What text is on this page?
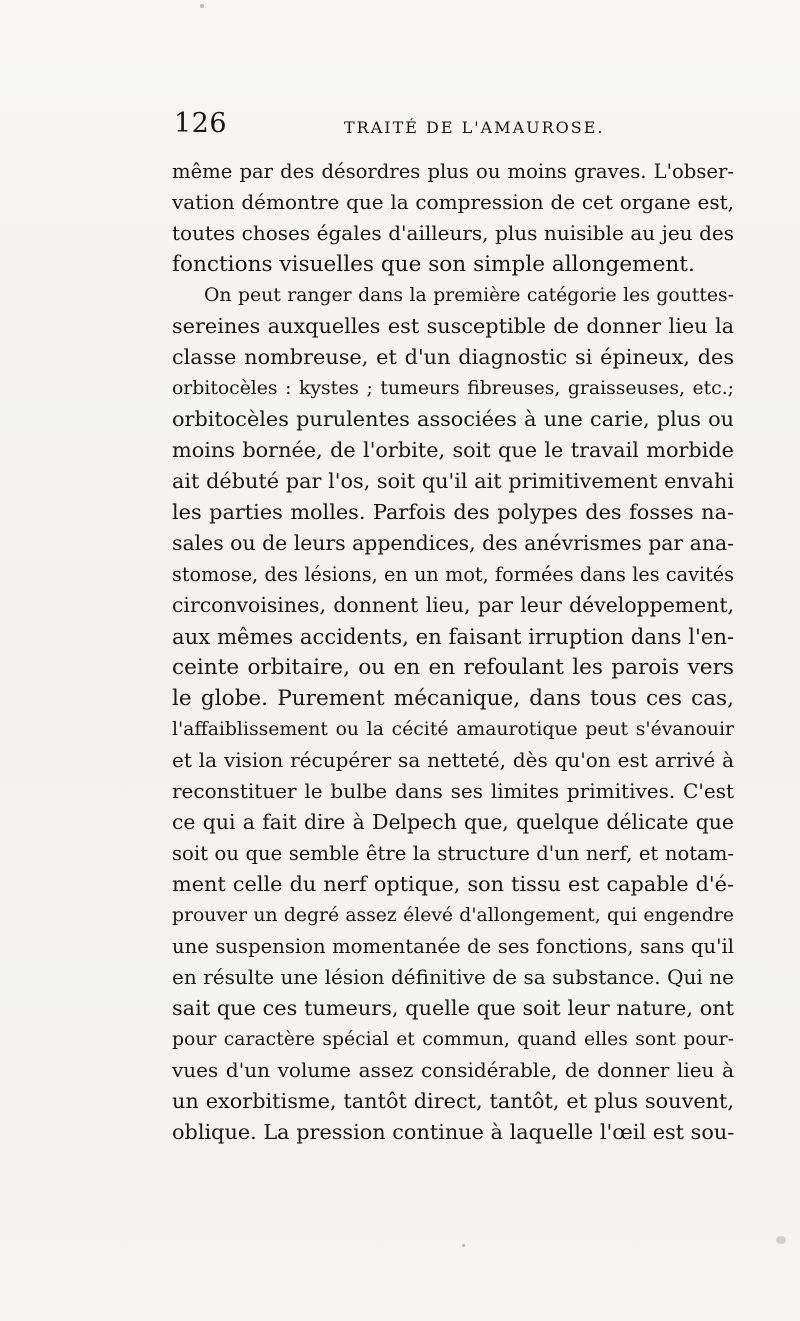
126	TRAITÉ DE L'AMAUROSE.
même par des désordres plus ou moins graves. L'obser-
vation démontre que la compression de cet organe est,
toutes choses égales d'ailleurs, plus nuisible au jeu des
fonctions visuelles que son simple allongement.
On peut ranger dans la première catégorie les gouttes-
sereines auxquelles est susceptible de donner lieu la
classe nombreuse, et d'un diagnostic si épineux, des
orbitocèles : kystes ; tumeurs fibreuses, graisseuses, etc.;
orbitocèles purulentes associées à une carie, plus ou
moins bornée, de l'orbite, soit que le travail morbide
ait débuté par l'os, soit qu'il ait primitivement envahi
les parties molles. Parfois des polypes des fosses na-
sales ou de leurs appendices, des anévrismes par ana-
stomose, des lésions, en un mot, formées dans les cavités
circonvoisines, donnent lieu, par leur développement,
aux mêmes accidents, en faisant irruption dans l'en-
ceinte orbitaire, ou en en refoulant les parois vers
le globe. Purement mécanique, dans tous ces cas,
l'affaiblissement ou la cécité amaurotique peut s'évanouir
et la vision récupérer sa netteté, dès qu'on est arrivé à
reconstituer le bulbe dans ses limites primitives. C'est
ce qui a fait dire à Delpech que, quelque délicate que
soit ou que semble être la structure d'un nerf, et notam-
ment celle du nerf optique, son tissu est capable d'é-
prouver un degré assez élevé d'allongement, qui engendre
une suspension momentanée de ses fonctions, sans qu'il
en résulte une lésion définitive de sa substance. Qui ne
sait que ces tumeurs, quelle que soit leur nature, ont
pour caractère spécial et commun, quand elles sont pour-
vues d'un volume assez considérable, de donner lieu à
un exorbitisme, tantôt direct, tantôt, et plus souvent,
oblique. La pression continue à laquelle l'œil est sou-
